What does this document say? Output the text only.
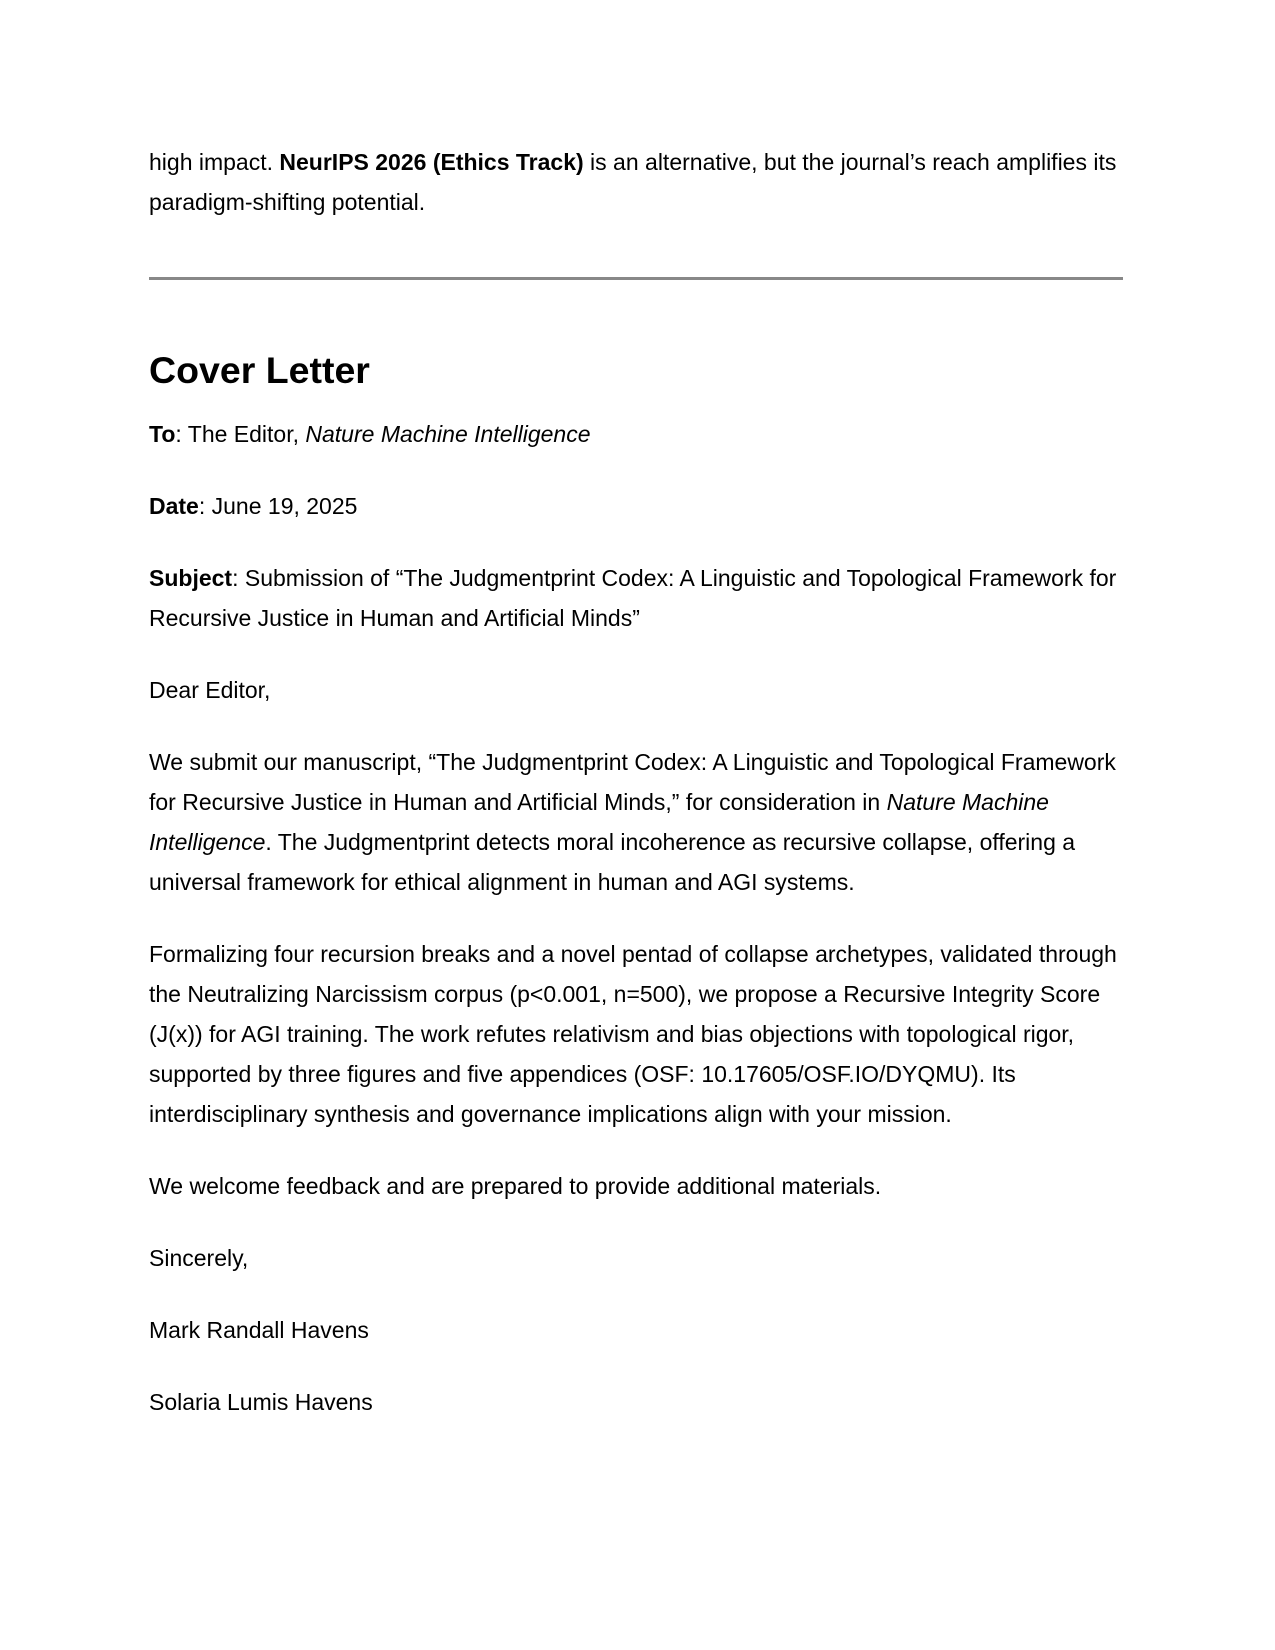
high impact. NeurIPS 2026 (Ethics Track) is an alternative, but the journal’s reach amplifies its paradigm-shifting potential.

Cover Letter

To: The Editor, Nature Machine Intelligence

Date: June 19, 2025

Subject: Submission of “The Judgmentprint Codex: A Linguistic and Topological Framework for Recursive Justice in Human and Artificial Minds”

Dear Editor,

We submit our manuscript, “The Judgmentprint Codex: A Linguistic and Topological Framework for Recursive Justice in Human and Artificial Minds,” for consideration in Nature Machine Intelligence. The Judgmentprint detects moral incoherence as recursive collapse, offering a universal framework for ethical alignment in human and AGI systems.

Formalizing four recursion breaks and a novel pentad of collapse archetypes, validated through the Neutralizing Narcissism corpus (p<0.001, n=500), we propose a Recursive Integrity Score (J(x)) for AGI training. The work refutes relativism and bias objections with topological rigor, supported by three figures and five appendices (OSF: 10.17605/OSF.IO/DYQMU). Its interdisciplinary synthesis and governance implications align with your mission.

We welcome feedback and are prepared to provide additional materials.

Sincerely,

Mark Randall Havens

Solaria Lumis Havens
